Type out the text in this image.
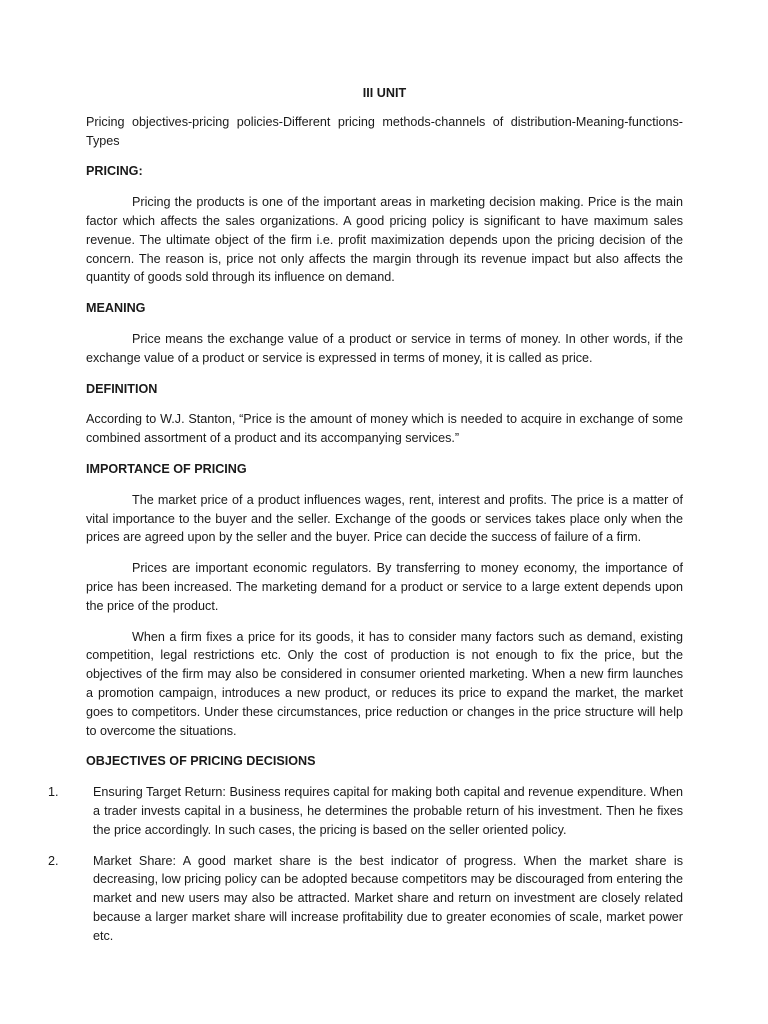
III UNIT
Pricing objectives-pricing policies-Different pricing methods-channels of distribution-Meaning-functions-Types
PRICING:

Pricing the products is one of the important areas in marketing decision making. Price is the main factor which affects the sales organizations. A good pricing policy is significant to have maximum sales revenue. The ultimate object of the firm i.e. profit maximization depends upon the pricing decision of the concern. The reason is, price not only affects the margin through its revenue impact but also affects the quantity of goods sold through its influence on demand.

MEANING

Price means the exchange value of a product or service in terms of money. In other words, if the exchange value of a product or service is expressed in terms of money, it is called as price.

DEFINITION

According to W.J. Stanton, “Price is the amount of money which is needed to acquire in exchange of some combined assortment of a product and its accompanying services.”

IMPORTANCE OF PRICING

The market price of a product influences wages, rent, interest and profits. The price is a matter of vital importance to the buyer and the seller. Exchange of the goods or services takes place only when the prices are agreed upon by the seller and the buyer. Price can decide the success of failure of a firm.

Prices are important economic regulators. By transferring to money economy, the importance of price has been increased. The marketing demand for a product or service to a large extent depends upon the price of the product.

When a firm fixes a price for its goods, it has to consider many factors such as demand, existing competition, legal restrictions etc. Only the cost of production is not enough to fix the price, but the objectives of the firm may also be considered in consumer oriented marketing. When a new firm launches a promotion campaign, introduces a new product, or reduces its price to expand the market, the market goes to competitors. Under these circumstances, price reduction or changes in the price structure will help to overcome the situations.

OBJECTIVES OF PRICING DECISIONS
1.	Ensuring Target Return: Business requires capital for making both capital and revenue expenditure. When a trader invests capital in a business, he determines the probable return of his investment. Then he fixes the price accordingly. In such cases, the pricing is based on the seller oriented policy.
2.	Market Share: A good market share is the best indicator of progress. When the market share is decreasing, low pricing policy can be adopted because competitors may be discouraged from entering the market and new users may also be attracted. Market share and return on investment are closely related because a larger market share will increase profitability due to greater economies of scale, market power etc.
